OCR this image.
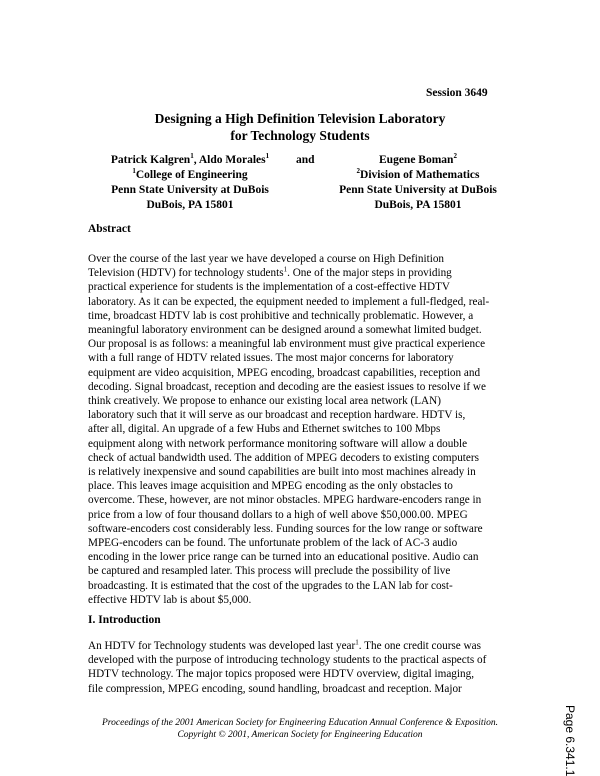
Session 3649
Designing a High Definition Television Laboratory
for Technology Students
Patrick Kalgren$^1$, Aldo Morales$^1$
$^1$College of Engineering
Penn State University at DuBois
DuBois, PA 15801
and	Eugene Boman$^2$
$^2$Division of Mathematics
Penn State University at DuBois
DuBois, PA 15801
Abstract
Over the course of the last year we have developed a course on High Definition
Television (HDTV) for technology students$^1$. One of the major steps in providing
practical experience for students is the implementation of a cost-effective HDTV
laboratory. As it can be expected, the equipment needed to implement a full-fledged, real-
time, broadcast HDTV lab is cost prohibitive and technically problematic. However, a
meaningful laboratory environment can be designed around a somewhat limited budget.
Our proposal is as follows: a meaningful lab environment must give practical experience
with a full range of HDTV related issues. The most major concerns for laboratory
equipment are video acquisition, MPEG encoding, broadcast capabilities, reception and
decoding. Signal broadcast, reception and decoding are the easiest issues to resolve if we
think creatively. We propose to enhance our existing local area network (LAN)
laboratory such that it will serve as our broadcast and reception hardware. HDTV is,
after all, digital. An upgrade of a few Hubs and Ethernet switches to 100 Mbps
equipment along with network performance monitoring software will allow a double
check of actual bandwidth used. The addition of MPEG decoders to existing computers
is relatively inexpensive and sound capabilities are built into most machines already in
place. This leaves image acquisition and MPEG encoding as the only obstacles to
overcome. These, however, are not minor obstacles. MPEG hardware-encoders range in
price from a low of four thousand dollars to a high of well above $50,000.00. MPEG
software-encoders cost considerably less. Funding sources for the low range or software
MPEG-encoders can be found. The unfortunate problem of the lack of AC-3 audio
encoding in the lower price range can be turned into an educational positive. Audio can
be captured and resampled later. This process will preclude the possibility of live
broadcasting. It is estimated that the cost of the upgrades to the LAN lab for cost-
effective HDTV lab is about $5,000.
I. Introduction
An HDTV for Technology students was developed last year$^1$. The one credit course was
developed with the purpose of introducing technology students to the practical aspects of
HDTV technology. The major topics proposed were HDTV overview, digital imaging,
file compression, MPEG encoding, sound handling, broadcast and reception. Major
Proceedings of the 2001 American Society for Engineering Education Annual Conference & Exposition.
Copyright © 2001, American Society for Engineering Education	Page 6.341.1
